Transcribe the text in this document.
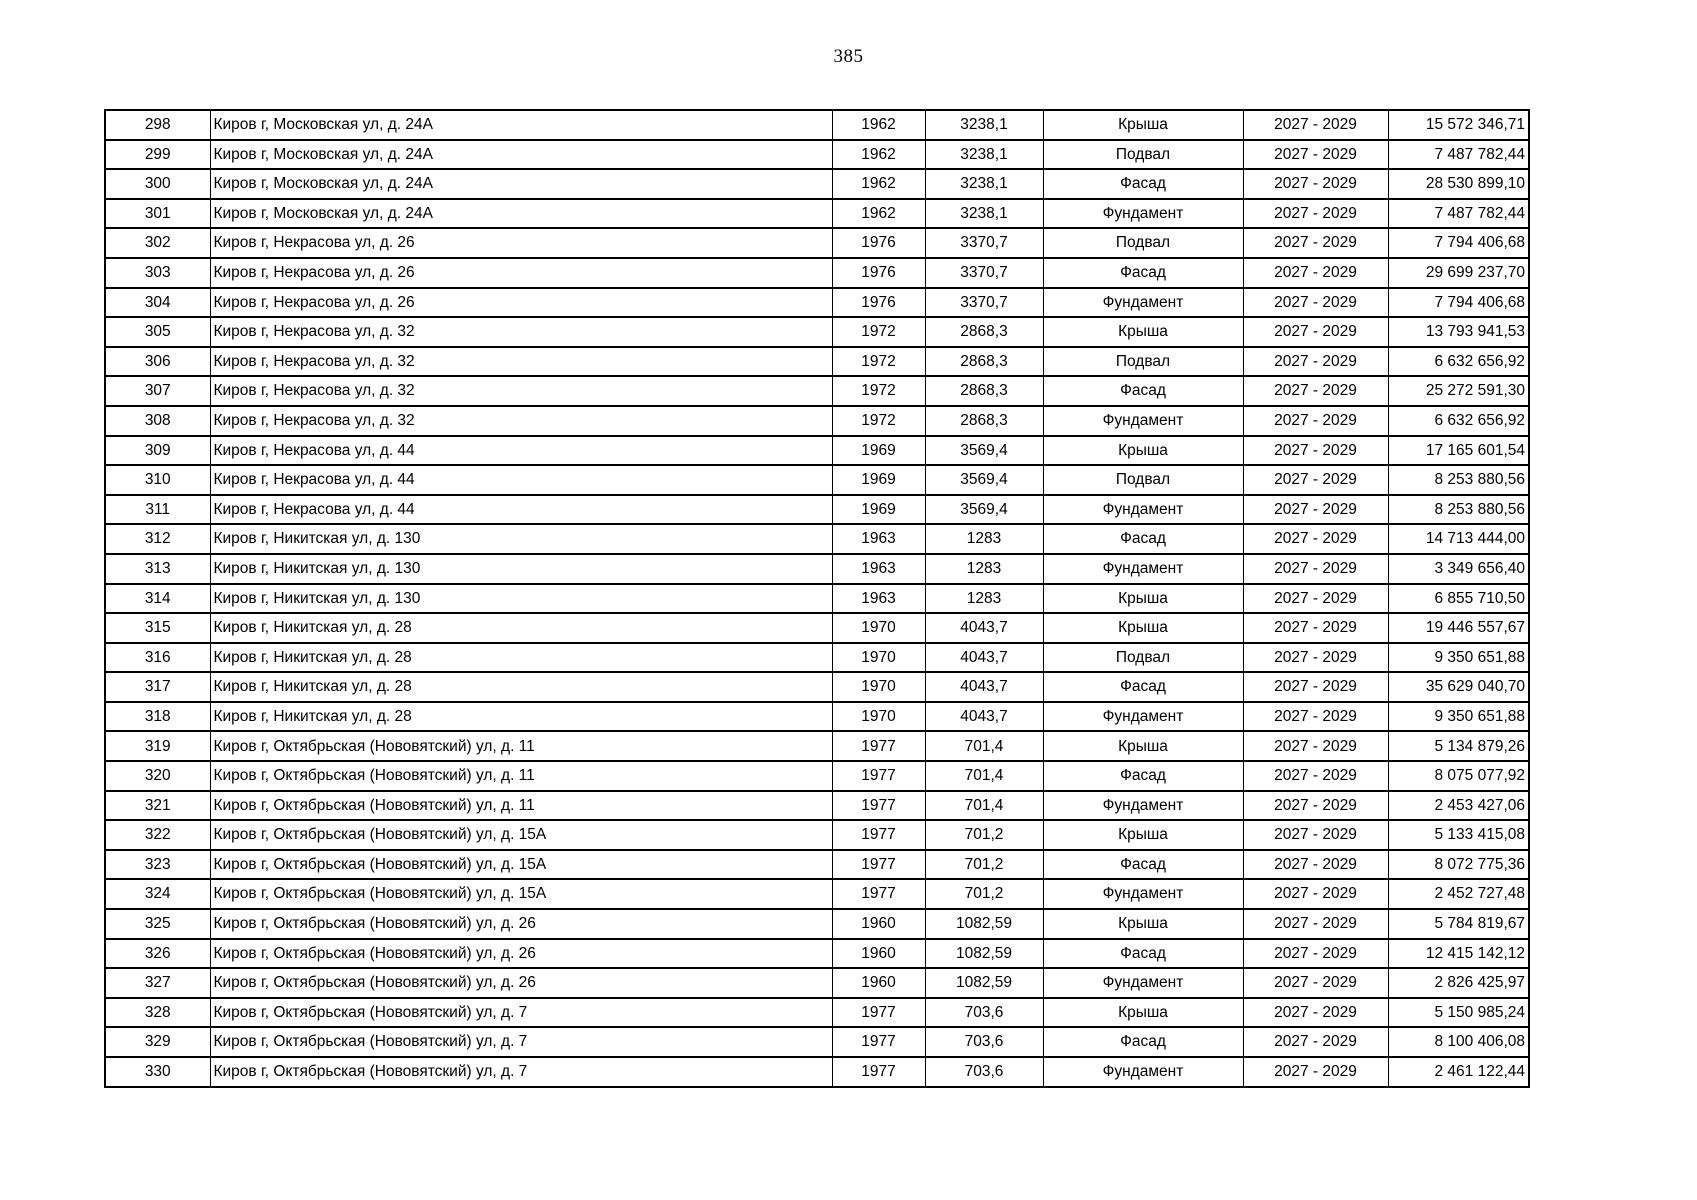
385
298	Киров г, Московская ул, д. 24А	1962	3238,1	Крыша	2027 - 2029	15 572 346,71
299	Киров г, Московская ул, д. 24А	1962	3238,1	Подвал	2027 - 2029	7 487 782,44
300	Киров г, Московская ул, д. 24А	1962	3238,1	Фасад	2027 - 2029	28 530 899,10
301	Киров г, Московская ул, д. 24А	1962	3238,1	Фундамент	2027 - 2029	7 487 782,44
302	Киров г, Некрасова ул, д. 26	1976	3370,7	Подвал	2027 - 2029	7 794 406,68
303	Киров г, Некрасова ул, д. 26	1976	3370,7	Фасад	2027 - 2029	29 699 237,70
304	Киров г, Некрасова ул, д. 26	1976	3370,7	Фундамент	2027 - 2029	7 794 406,68
305	Киров г, Некрасова ул, д. 32	1972	2868,3	Крыша	2027 - 2029	13 793 941,53
306	Киров г, Некрасова ул, д. 32	1972	2868,3	Подвал	2027 - 2029	6 632 656,92
307	Киров г, Некрасова ул, д. 32	1972	2868,3	Фасад	2027 - 2029	25 272 591,30
308	Киров г, Некрасова ул, д. 32	1972	2868,3	Фундамент	2027 - 2029	6 632 656,92
309	Киров г, Некрасова ул, д. 44	1969	3569,4	Крыша	2027 - 2029	17 165 601,54
310	Киров г, Некрасова ул, д. 44	1969	3569,4	Подвал	2027 - 2029	8 253 880,56
311	Киров г, Некрасова ул, д. 44	1969	3569,4	Фундамент	2027 - 2029	8 253 880,56
312	Киров г, Никитская ул, д. 130	1963	1283	Фасад	2027 - 2029	14 713 444,00
313	Киров г, Никитская ул, д. 130	1963	1283	Фундамент	2027 - 2029	3 349 656,40
314	Киров г, Никитская ул, д. 130	1963	1283	Крыша	2027 - 2029	6 855 710,50
315	Киров г, Никитская ул, д. 28	1970	4043,7	Крыша	2027 - 2029	19 446 557,67
316	Киров г, Никитская ул, д. 28	1970	4043,7	Подвал	2027 - 2029	9 350 651,88
317	Киров г, Никитская ул, д. 28	1970	4043,7	Фасад	2027 - 2029	35 629 040,70
318	Киров г, Никитская ул, д. 28	1970	4043,7	Фундамент	2027 - 2029	9 350 651,88
319	Киров г, Октябрьская (Нововятский) ул, д. 11	1977	701,4	Крыша	2027 - 2029	5 134 879,26
320	Киров г, Октябрьская (Нововятский) ул, д. 11	1977	701,4	Фасад	2027 - 2029	8 075 077,92
321	Киров г, Октябрьская (Нововятский) ул, д. 11	1977	701,4	Фундамент	2027 - 2029	2 453 427,06
322	Киров г, Октябрьская (Нововятский) ул, д. 15А	1977	701,2	Крыша	2027 - 2029	5 133 415,08
323	Киров г, Октябрьская (Нововятский) ул, д. 15А	1977	701,2	Фасад	2027 - 2029	8 072 775,36
324	Киров г, Октябрьская (Нововятский) ул, д. 15А	1977	701,2	Фундамент	2027 - 2029	2 452 727,48
325	Киров г, Октябрьская (Нововятский) ул, д. 26	1960	1082,59	Крыша	2027 - 2029	5 784 819,67
326	Киров г, Октябрьская (Нововятский) ул, д. 26	1960	1082,59	Фасад	2027 - 2029	12 415 142,12
327	Киров г, Октябрьская (Нововятский) ул, д. 26	1960	1082,59	Фундамент	2027 - 2029	2 826 425,97
328	Киров г, Октябрьская (Нововятский) ул, д. 7	1977	703,6	Крыша	2027 - 2029	5 150 985,24
329	Киров г, Октябрьская (Нововятский) ул, д. 7	1977	703,6	Фасад	2027 - 2029	8 100 406,08
330	Киров г, Октябрьская (Нововятский) ул, д. 7	1977	703,6	Фундамент	2027 - 2029	2 461 122,44
